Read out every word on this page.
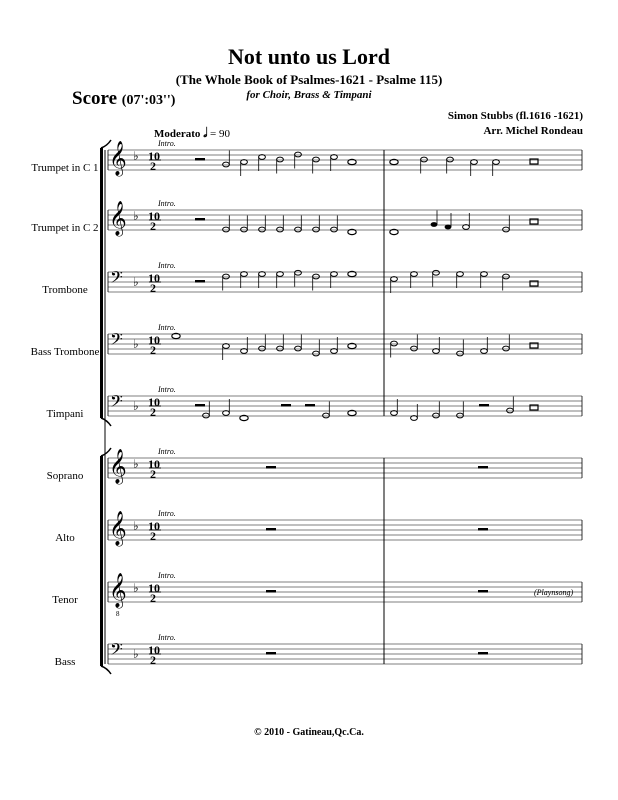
Not unto us Lord
(The Whole Book of Psalmes-1621 - Psalme 115)
for Choir, Brass & Timpani
Score (07':03'')
Simon Stubbs (fl.1616 -1621)
Arr. Michel Rondeau
Moderato 𝅗𝅥 = 90
Trumpet in C 1
Trumpet in C 2
Trombone
Bass Trombone
Timpani
Soprano
Alto
Tenor
Bass
𝄞 ♭ 10
2
Intro.
𝄞 ♭ 10
2
Intro.
𝄢 ♭ 10
2
Intro.
𝄢 ♭ 10
2
Intro.
𝄢 ♭ 10
2
Intro.
𝄞 ♭ 10
2
Intro.
𝄞 ♭ 10
2
Intro.
𝄞
8
♭ 10
2
Intro.
𝄢 ♭ 10
2
Intro.
(Playnsong)
© 2010 - Gatineau,Qc.Ca.
